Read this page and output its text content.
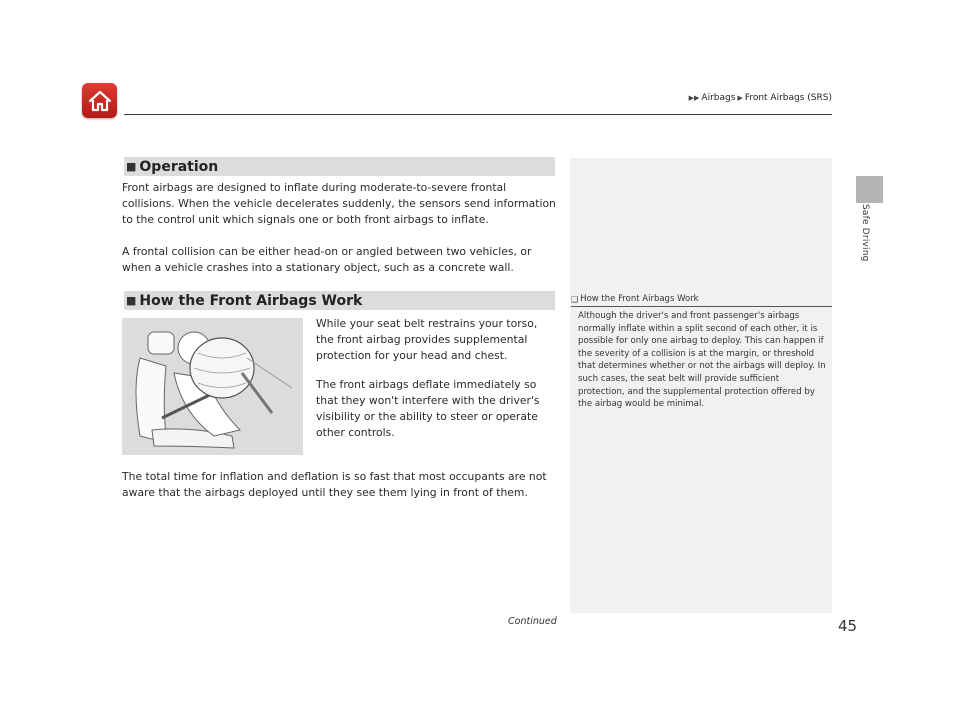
▶▶ Airbags ▶ Front Airbags (SRS)
Safe Driving
■ Operation

Front airbags are designed to inflate during moderate-to-severe frontal collisions. When the vehicle decelerates suddenly, the sensors send information to the control unit which signals one or both front airbags to inflate.

A frontal collision can be either head-on or angled between two vehicles, or when a vehicle crashes into a stationary object, such as a concrete wall.

■ How the Front Airbags Work

While your seat belt restrains your torso, the front airbag provides supplemental protection for your head and chest.

The front airbags deflate immediately so that they won't interfere with the driver's visibility or the ability to steer or operate other controls.

The total time for inflation and deflation is so fast that most occupants are not aware that the airbags deployed until they see them lying in front of them.

❑ How the Front Airbags Work

Although the driver's and front passenger's airbags normally inflate within a split second of each other, it is possible for only one airbag to deploy. This can happen if the severity of a collision is at the margin, or threshold that determines whether or not the airbags will deploy. In such cases, the seat belt will provide sufficient protection, and the supplemental protection offered by the airbag would be minimal.

Continued	45
